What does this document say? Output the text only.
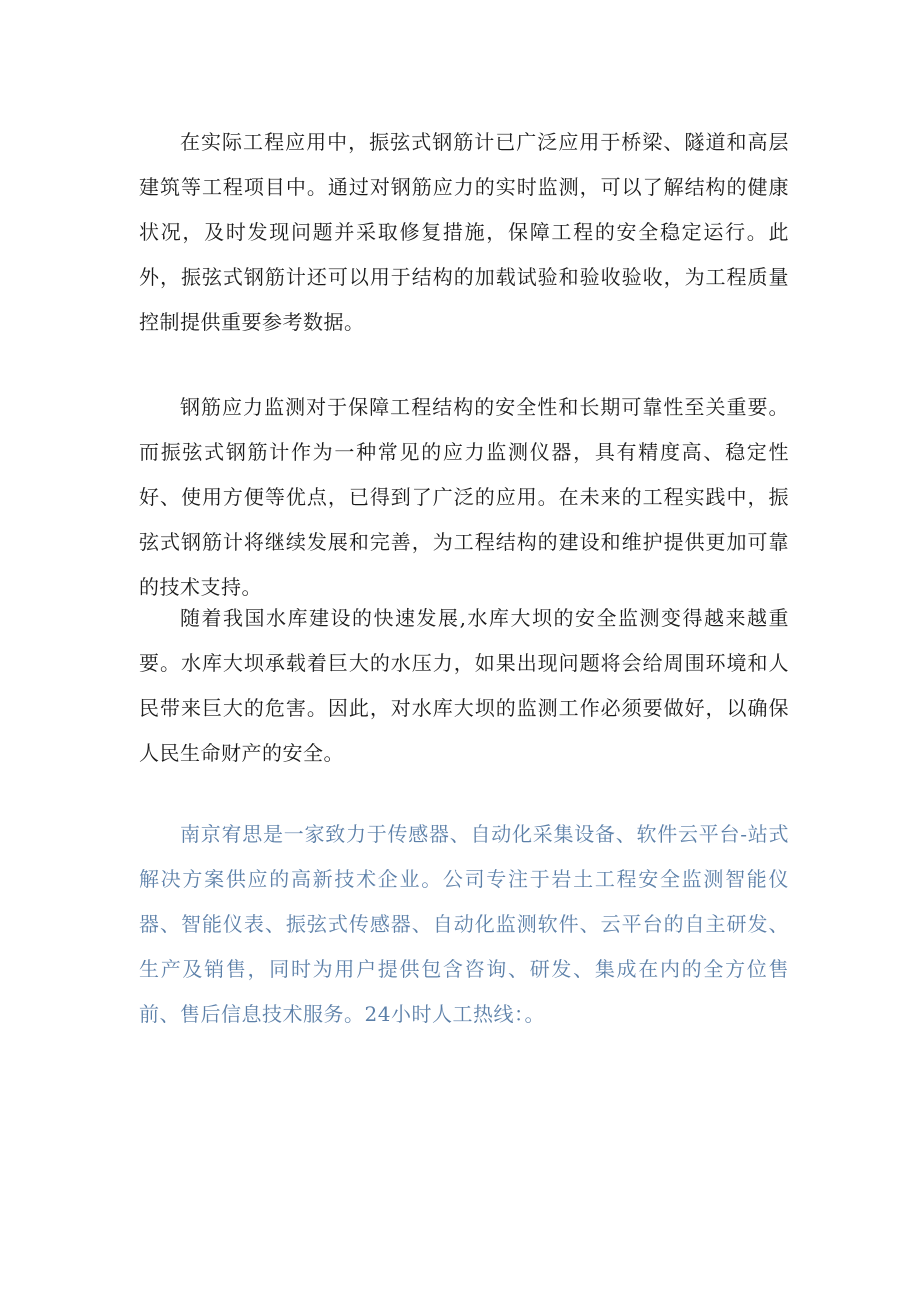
在实际工程应用中，振弦式钢筋计已广泛应用于桥梁、隧道和高层建筑等工程项目中。通过对钢筋应力的实时监测，可以了解结构的健康状况，及时发现问题并采取修复措施，保障工程的安全稳定运行。此外，振弦式钢筋计还可以用于结构的加载试验和验收验收，为工程质量控制提供重要参考数据。

钢筋应力监测对于保障工程结构的安全性和长期可靠性至关重要。而振弦式钢筋计作为一种常见的应力监测仪器，具有精度高、稳定性好、使用方便等优点，已得到了广泛的应用。在未来的工程实践中，振弦式钢筋计将继续发展和完善，为工程结构的建设和维护提供更加可靠的技术支持。

随着我国水库建设的快速发展,水库大坝的安全监测变得越来越重要。水库大坝承载着巨大的水压力，如果出现问题将会给周围环境和人民带来巨大的危害。因此，对水库大坝的监测工作必须要做好，以确保人民生命财产的安全。

南京宥思是一家致力于传感器、自动化采集设备、软件云平台-站式解决方案供应的高新技术企业。公司专注于岩土工程安全监测智能仪器、智能仪表、振弦式传感器、自动化监测软件、云平台的自主研发、生产及销售，同时为用户提供包含咨询、研发、集成在内的全方位售前、售后信息技术服务。24小时人工热线：。
